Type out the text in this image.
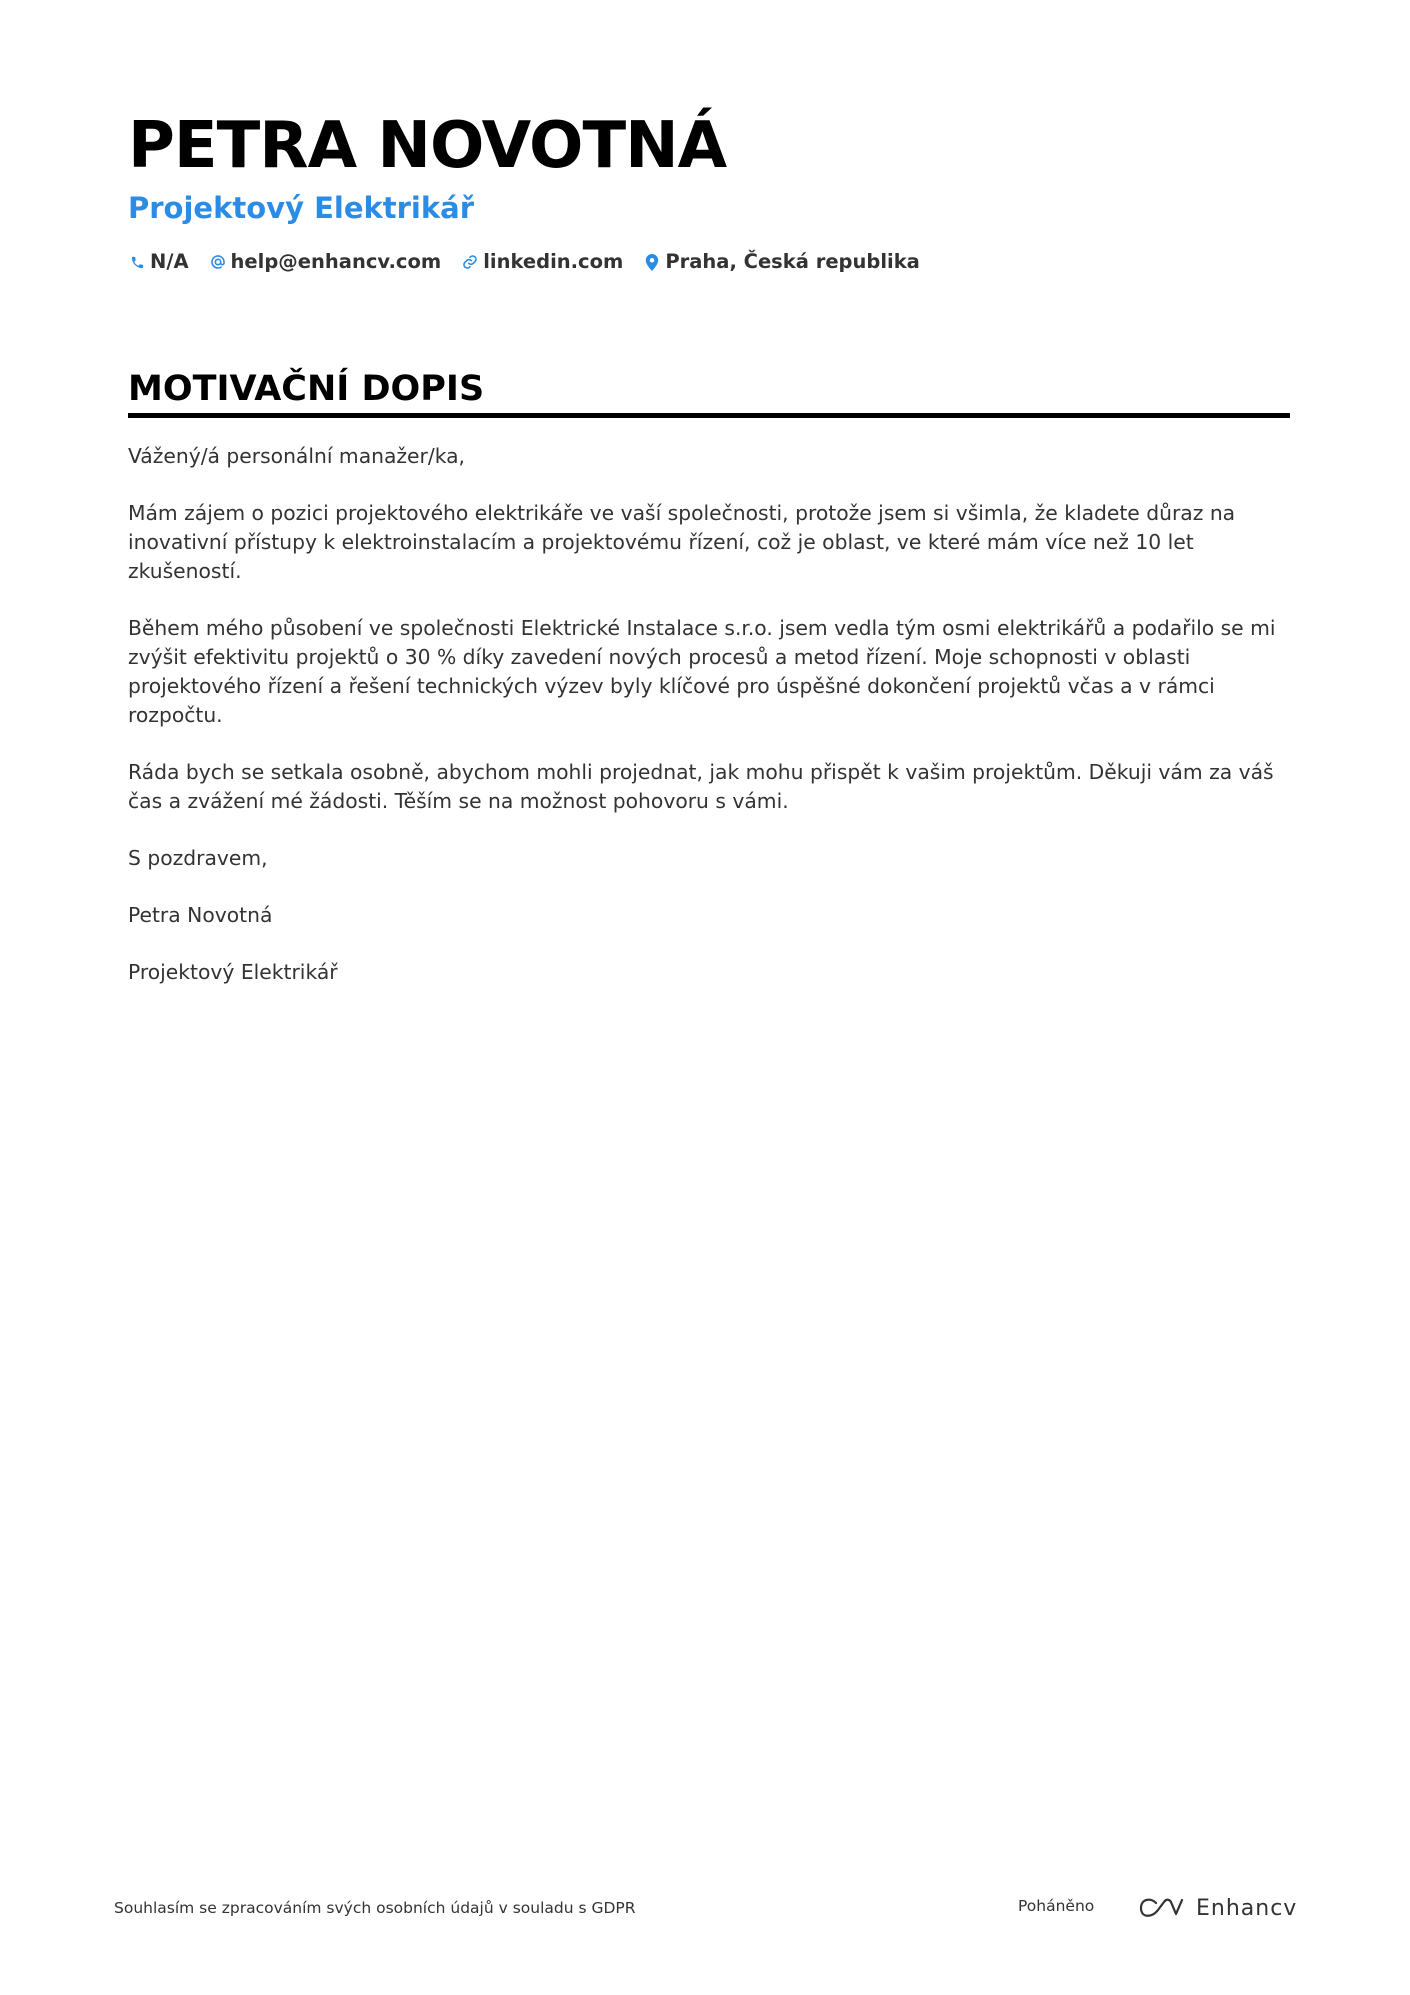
PETRA NOVOTNÁ
Projektový Elektrikář
N/A help@enhancv.com linkedin.com Praha, Česká republika
MOTIVAČNÍ DOPIS

Vážený/á personální manažer/ka,

Mám zájem o pozici projektového elektrikáře ve vaší společnosti, protože jsem si všimla, že kladete důraz na inovativní přístupy k elektroinstalacím a projektovému řízení, což je oblast, ve které mám více než 10 let zkušeností.

Během mého působení ve společnosti Elektrické Instalace s.r.o. jsem vedla tým osmi elektrikářů a podařilo se mi zvýšit efektivitu projektů o 30 % díky zavedení nových procesů a metod řízení. Moje schopnosti v oblasti projektového řízení a řešení technických výzev byly klíčové pro úspěšné dokončení projektů včas a v rámci rozpočtu.

Ráda bych se setkala osobně, abychom mohli projednat, jak mohu přispět k vašim projektům. Děkuji vám za váš čas a zvážení mé žádosti. Těším se na možnost pohovoru s vámi.

S pozdravem,

Petra Novotná

Projektový Elektrikář

Souhlasím se zpracováním svých osobních údajů v souladu s GDPR	Poháněno	Enhancv
